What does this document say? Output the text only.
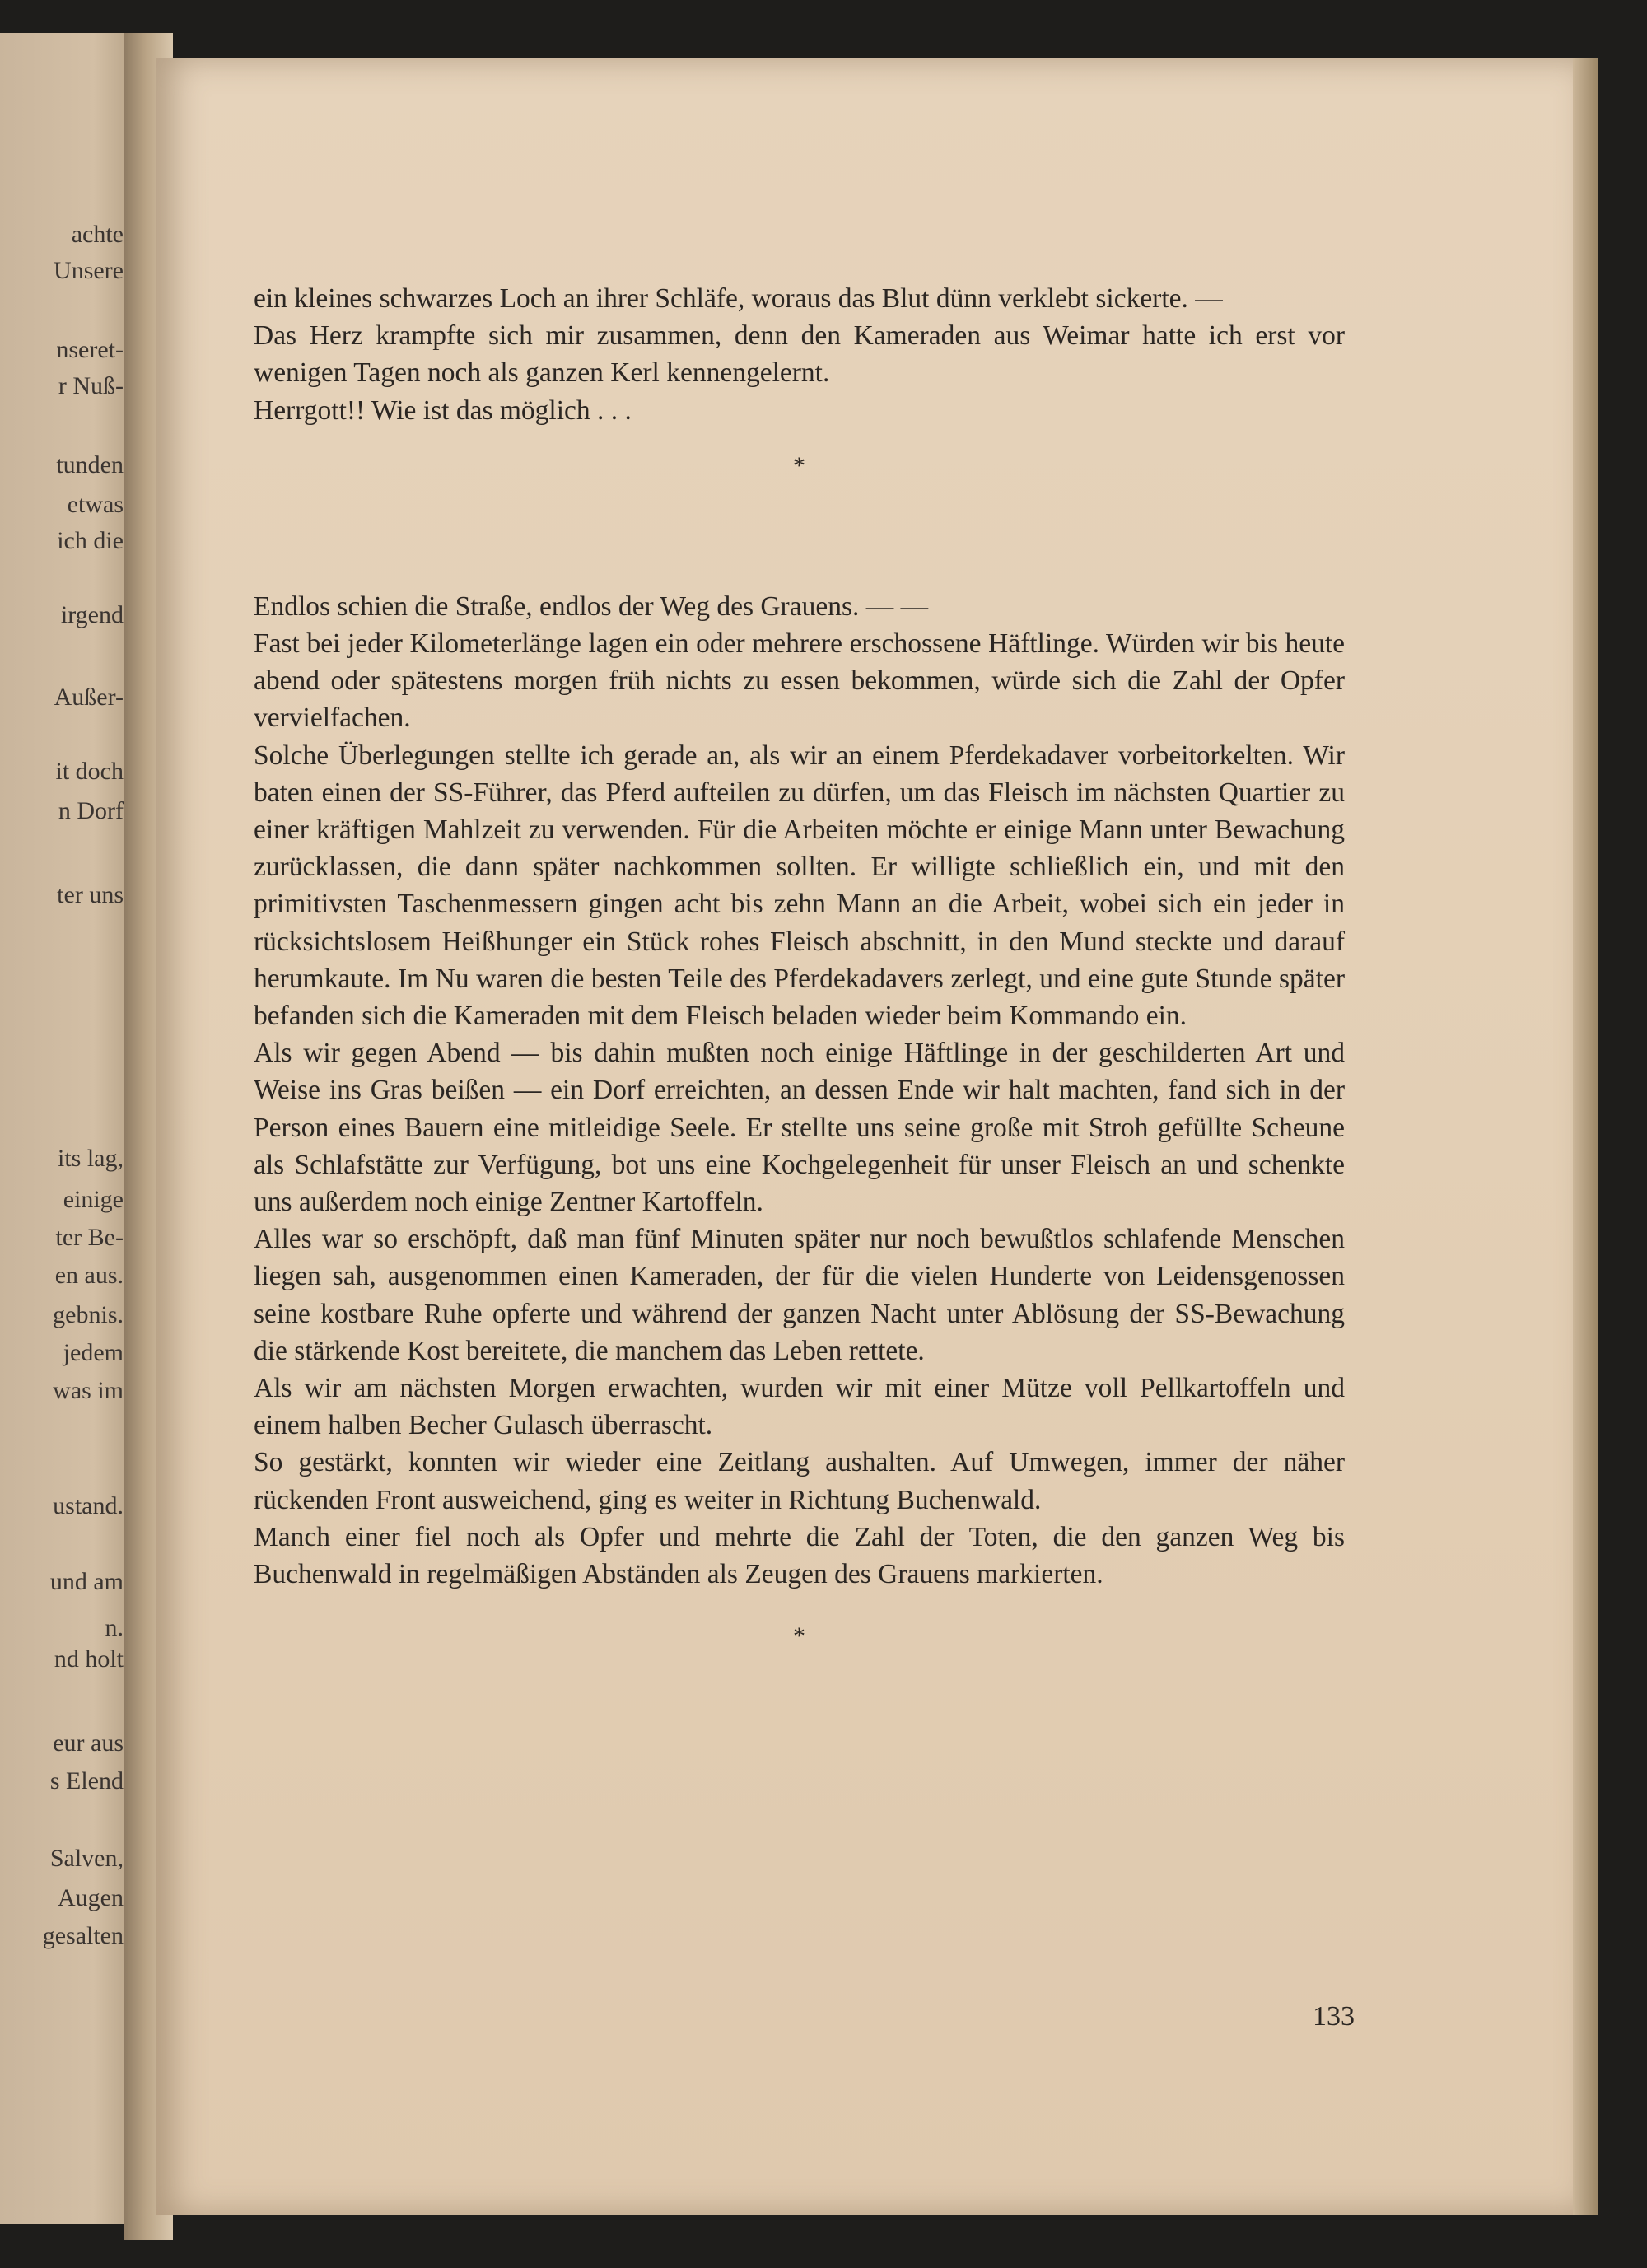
achte
Unsere
nseret-
r Nuß-
tunden
etwas
ich die
irgend
Außer-
it doch
n Dorf
ter uns
its lag,
einige
ter Be-
en aus.
gebnis.
jedem
was im
ustand.
und am
n.
nd holt
eur aus
s Elend
Salven,
Augen
gesalten

ein kleines schwarzes Loch an ihrer Schläfe, woraus das Blut dünn verklebt sickerte. —

Das Herz krampfte sich mir zusammen, denn den Kameraden aus Weimar hatte ich erst vor wenigen Tagen noch als ganzen Kerl kennengelernt.

Herrgott!! Wie ist das möglich . . .

*

Endlos schien die Straße, endlos der Weg des Grauens. — —

Fast bei jeder Kilometerlänge lagen ein oder mehrere erschossene Häftlinge. Würden wir bis heute abend oder spätestens morgen früh nichts zu essen bekommen, würde sich die Zahl der Opfer vervielfachen.

Solche Überlegungen stellte ich gerade an, als wir an einem Pferdekadaver vorbeitorkelten. Wir baten einen der SS-Führer, das Pferd aufteilen zu dürfen, um das Fleisch im nächsten Quartier zu einer kräftigen Mahlzeit zu verwenden. Für die Arbeiten möchte er einige Mann unter Bewachung zurücklassen, die dann später nachkommen sollten. Er willigte schließlich ein, und mit den primitivsten Taschenmessern gingen acht bis zehn Mann an die Arbeit, wobei sich ein jeder in rücksichtslosem Heißhunger ein Stück rohes Fleisch abschnitt, in den Mund steckte und darauf herumkaute. Im Nu waren die besten Teile des Pferdekadavers zerlegt, und eine gute Stunde später befanden sich die Kameraden mit dem Fleisch beladen wieder beim Kommando ein.

Als wir gegen Abend — bis dahin mußten noch einige Häftlinge in der geschilderten Art und Weise ins Gras beißen — ein Dorf erreichten, an dessen Ende wir halt machten, fand sich in der Person eines Bauern eine mitleidige Seele. Er stellte uns seine große mit Stroh gefüllte Scheune als Schlafstätte zur Verfügung, bot uns eine Kochgelegenheit für unser Fleisch an und schenkte uns außerdem noch einige Zentner Kartoffeln.

Alles war so erschöpft, daß man fünf Minuten später nur noch bewußtlos schlafende Menschen liegen sah, ausgenommen einen Kameraden, der für die vielen Hunderte von Leidensgenossen seine kostbare Ruhe opferte und während der ganzen Nacht unter Ablösung der SS-Bewachung die stärkende Kost bereitete, die manchem das Leben rettete.

Als wir am nächsten Morgen erwachten, wurden wir mit einer Mütze voll Pellkartoffeln und einem halben Becher Gulasch überrascht.

So gestärkt, konnten wir wieder eine Zeitlang aushalten. Auf Umwegen, immer der näher rückenden Front ausweichend, ging es weiter in Richtung Buchenwald.

Manch einer fiel noch als Opfer und mehrte die Zahl der Toten, die den ganzen Weg bis Buchenwald in regelmäßigen Abständen als Zeugen des Grauens markierten.

*
133
